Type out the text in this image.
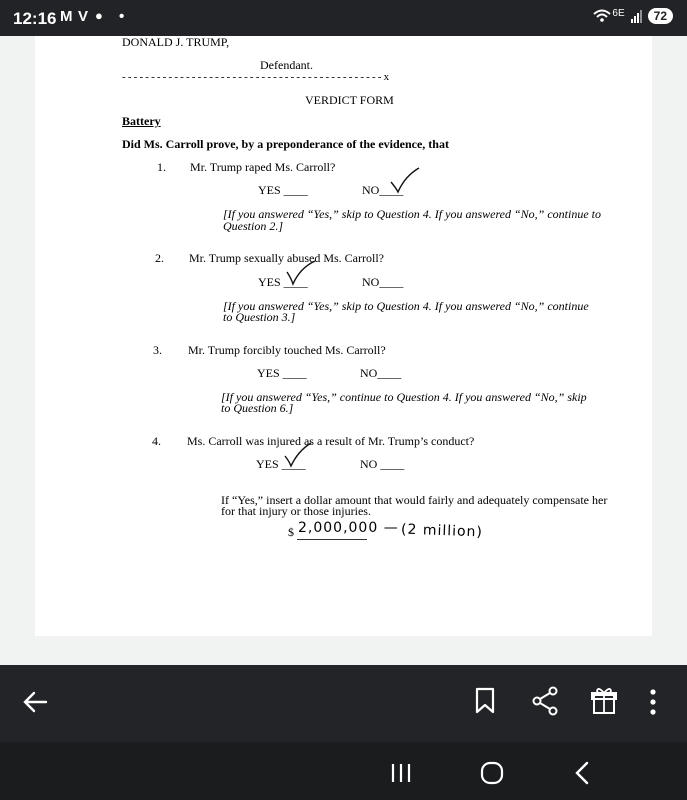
12:16 M V ● •	6E	72
DONALD J. TRUMP,
Defendant.
- - - - - - - - - - - - - - - - - - - - - - - - - - - - - - - - - - - - - - - - - - - - - x
VERDICT FORM
Battery
Did Ms. Carroll prove, by a preponderance of the evidence, that
1. Mr. Trump raped Ms. Carroll?
YES ____	NO____
[If you answered “Yes,” skip to Question 4. If you answered “No,” continue to
Question 2.]
2. Mr. Trump sexually abused Ms. Carroll?
YES ____	NO____
[If you answered “Yes,” skip to Question 4. If you answered “No,” continue
to Question 3.]
3. Mr. Trump forcibly touched Ms. Carroll?
YES ____	NO____
[If you answered “Yes,” continue to Question 4. If you answered “No,” skip
to Question 6.]
4. Ms. Carroll was injured as a result of Mr. Trump’s conduct?
YES ____	NO ____
If “Yes,” insert a dollar amount that would fairly and adequately compensate her
for that injury or those injuries.
$ 2,000,000 — (2 million)
